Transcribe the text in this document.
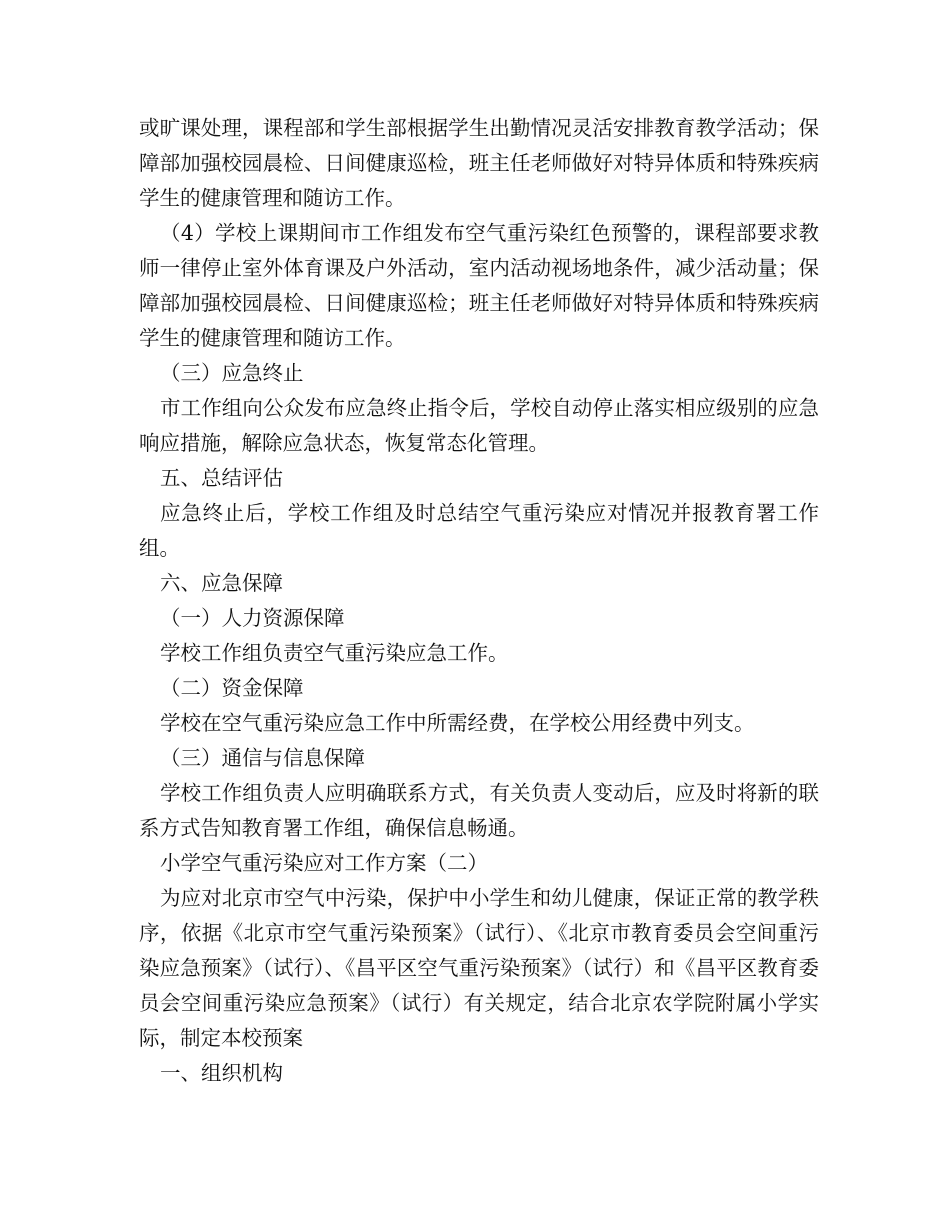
或旷课处理，课程部和学生部根据学生出勤情况灵活安排教育教学活动；保障部加强校园晨检、日间健康巡检，班主任老师做好对特异体质和特殊疾病学生的健康管理和随访工作。

（4）学校上课期间市工作组发布空气重污染红色预警的，课程部要求教师一律停止室外体育课及户外活动，室内活动视场地条件，减少活动量；保障部加强校园晨检、日间健康巡检；班主任老师做好对特异体质和特殊疾病学生的健康管理和随访工作。

（三）应急终止

市工作组向公众发布应急终止指令后，学校自动停止落实相应级别的应急响应措施，解除应急状态，恢复常态化管理。

五、总结评估

应急终止后，学校工作组及时总结空气重污染应对情况并报教育署工作组。

六、应急保障

（一）人力资源保障

学校工作组负责空气重污染应急工作。

（二）资金保障

学校在空气重污染应急工作中所需经费，在学校公用经费中列支。

（三）通信与信息保障

学校工作组负责人应明确联系方式，有关负责人变动后，应及时将新的联系方式告知教育署工作组，确保信息畅通。

小学空气重污染应对工作方案（二）

为应对北京市空气中污染，保护中小学生和幼儿健康，保证正常的教学秩序，依据《北京市空气重污染预案》（试行）、《北京市教育委员会空间重污染应急预案》（试行）、《昌平区空气重污染预案》（试行）和《昌平区教育委员会空间重污染应急预案》（试行）有关规定，结合北京农学院附属小学实际，制定本校预案

一、组织机构
